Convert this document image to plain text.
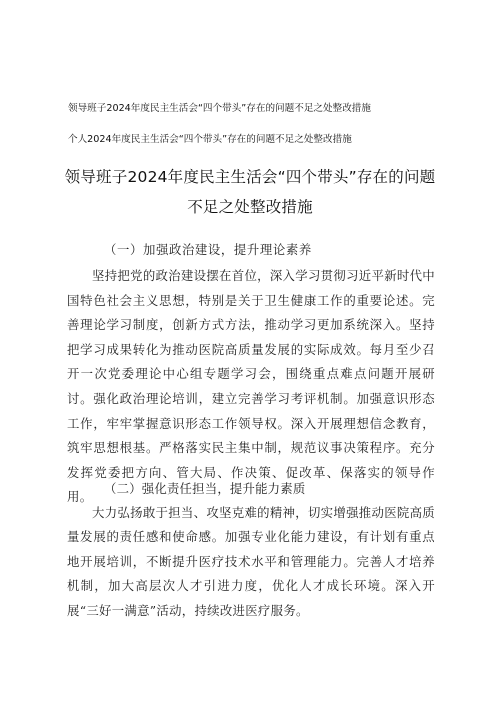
领导班子2024年度民主生活会“四个带头”存在的问题不足之处整改措施
个人2024年度民主生活会“四个带头”存在的问题不足之处整改措施
领导班子2024年度民主生活会“四个带头”存在的问题
不足之处整改措施
（一）加强政治建设，提升理论素养

坚持把党的政治建设摆在首位，深入学习贯彻习近平新时代中国特色社会主义思想，特别是关于卫生健康工作的重要论述。完善理论学习制度，创新方式方法，推动学习更加系统深入。坚持把学习成果转化为推动医院高质量发展的实际成效。每月至少召开一次党委理论中心组专题学习会，围绕重点难点问题开展研讨。强化政治理论培训，建立完善学习考评机制。加强意识形态工作，牢牢掌握意识形态工作领导权。深入开展理想信念教育，筑牢思想根基。严格落实民主集中制，规范议事决策程序。充分发挥党委把方向、管大局、作决策、促改革、保落实的领导作用。

（二）强化责任担当，提升能力素质

大力弘扬敢于担当、攻坚克难的精神，切实增强推动医院高质量发展的责任感和使命感。加强专业化能力建设，有计划有重点地开展培训，不断提升医疗技术水平和管理能力。完善人才培养机制，加大高层次人才引进力度，优化人才成长环境。深入开展“三好一满意”活动，持续改进医疗服务。
